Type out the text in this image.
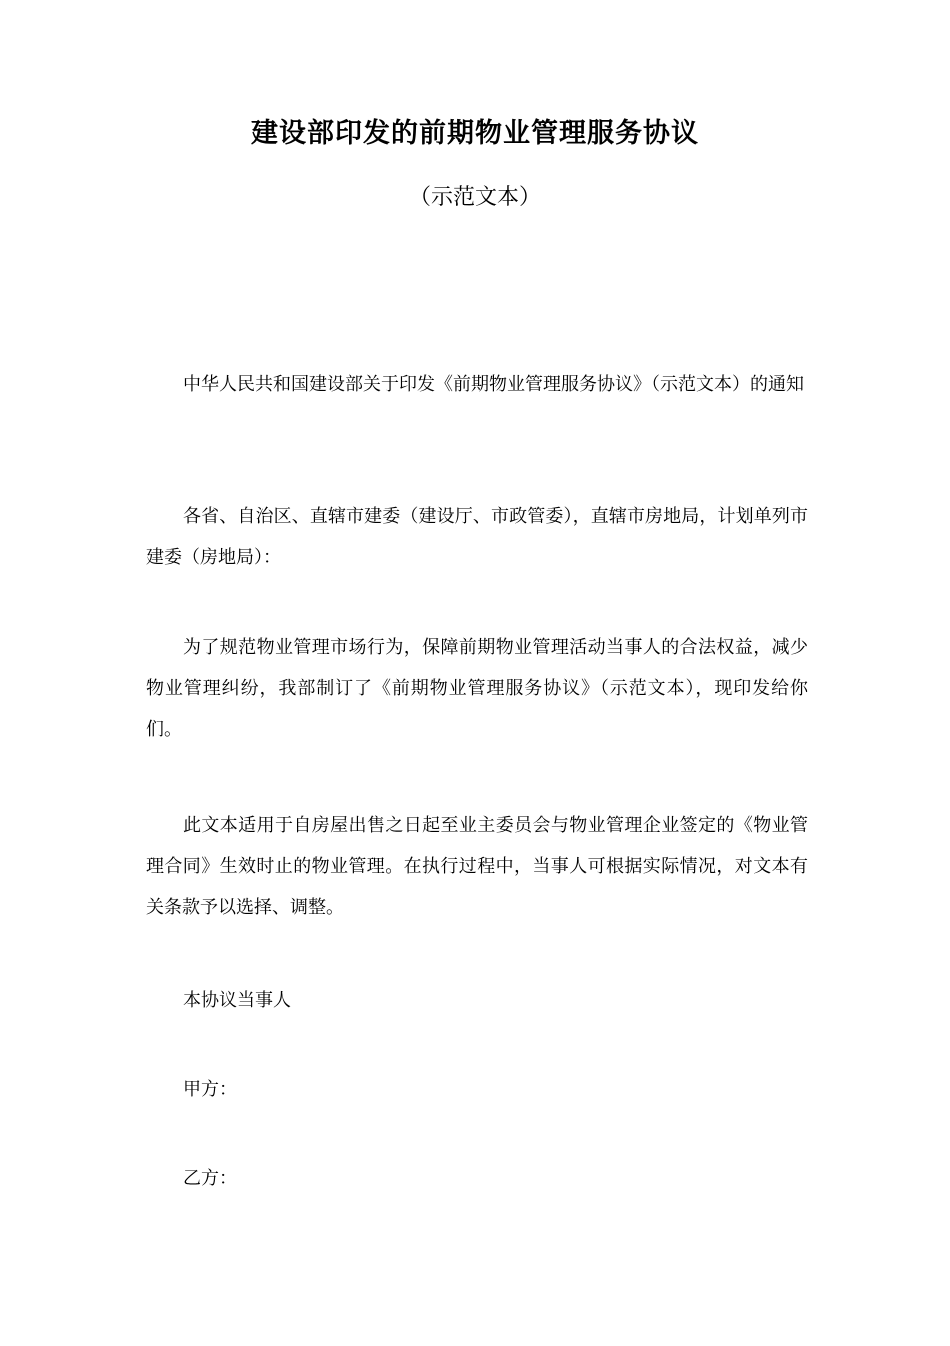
建设部印发的前期物业管理服务协议

（示范文本）

中华人民共和国建设部关于印发《前期物业管理服务协议》（示范文本）的通知

各省、自治区、直辖市建委（建设厅、市政管委），直辖市房地局，计划单列市建委（房地局）：

为了规范物业管理市场行为，保障前期物业管理活动当事人的合法权益，减少物业管理纠纷，我部制订了《前期物业管理服务协议》（示范文本），现印发给你们。

此文本适用于自房屋出售之日起至业主委员会与物业管理企业签定的《物业管理合同》生效时止的物业管理。在执行过程中，当事人可根据实际情况，对文本有关条款予以选择、调整。

本协议当事人

甲方：

乙方：
